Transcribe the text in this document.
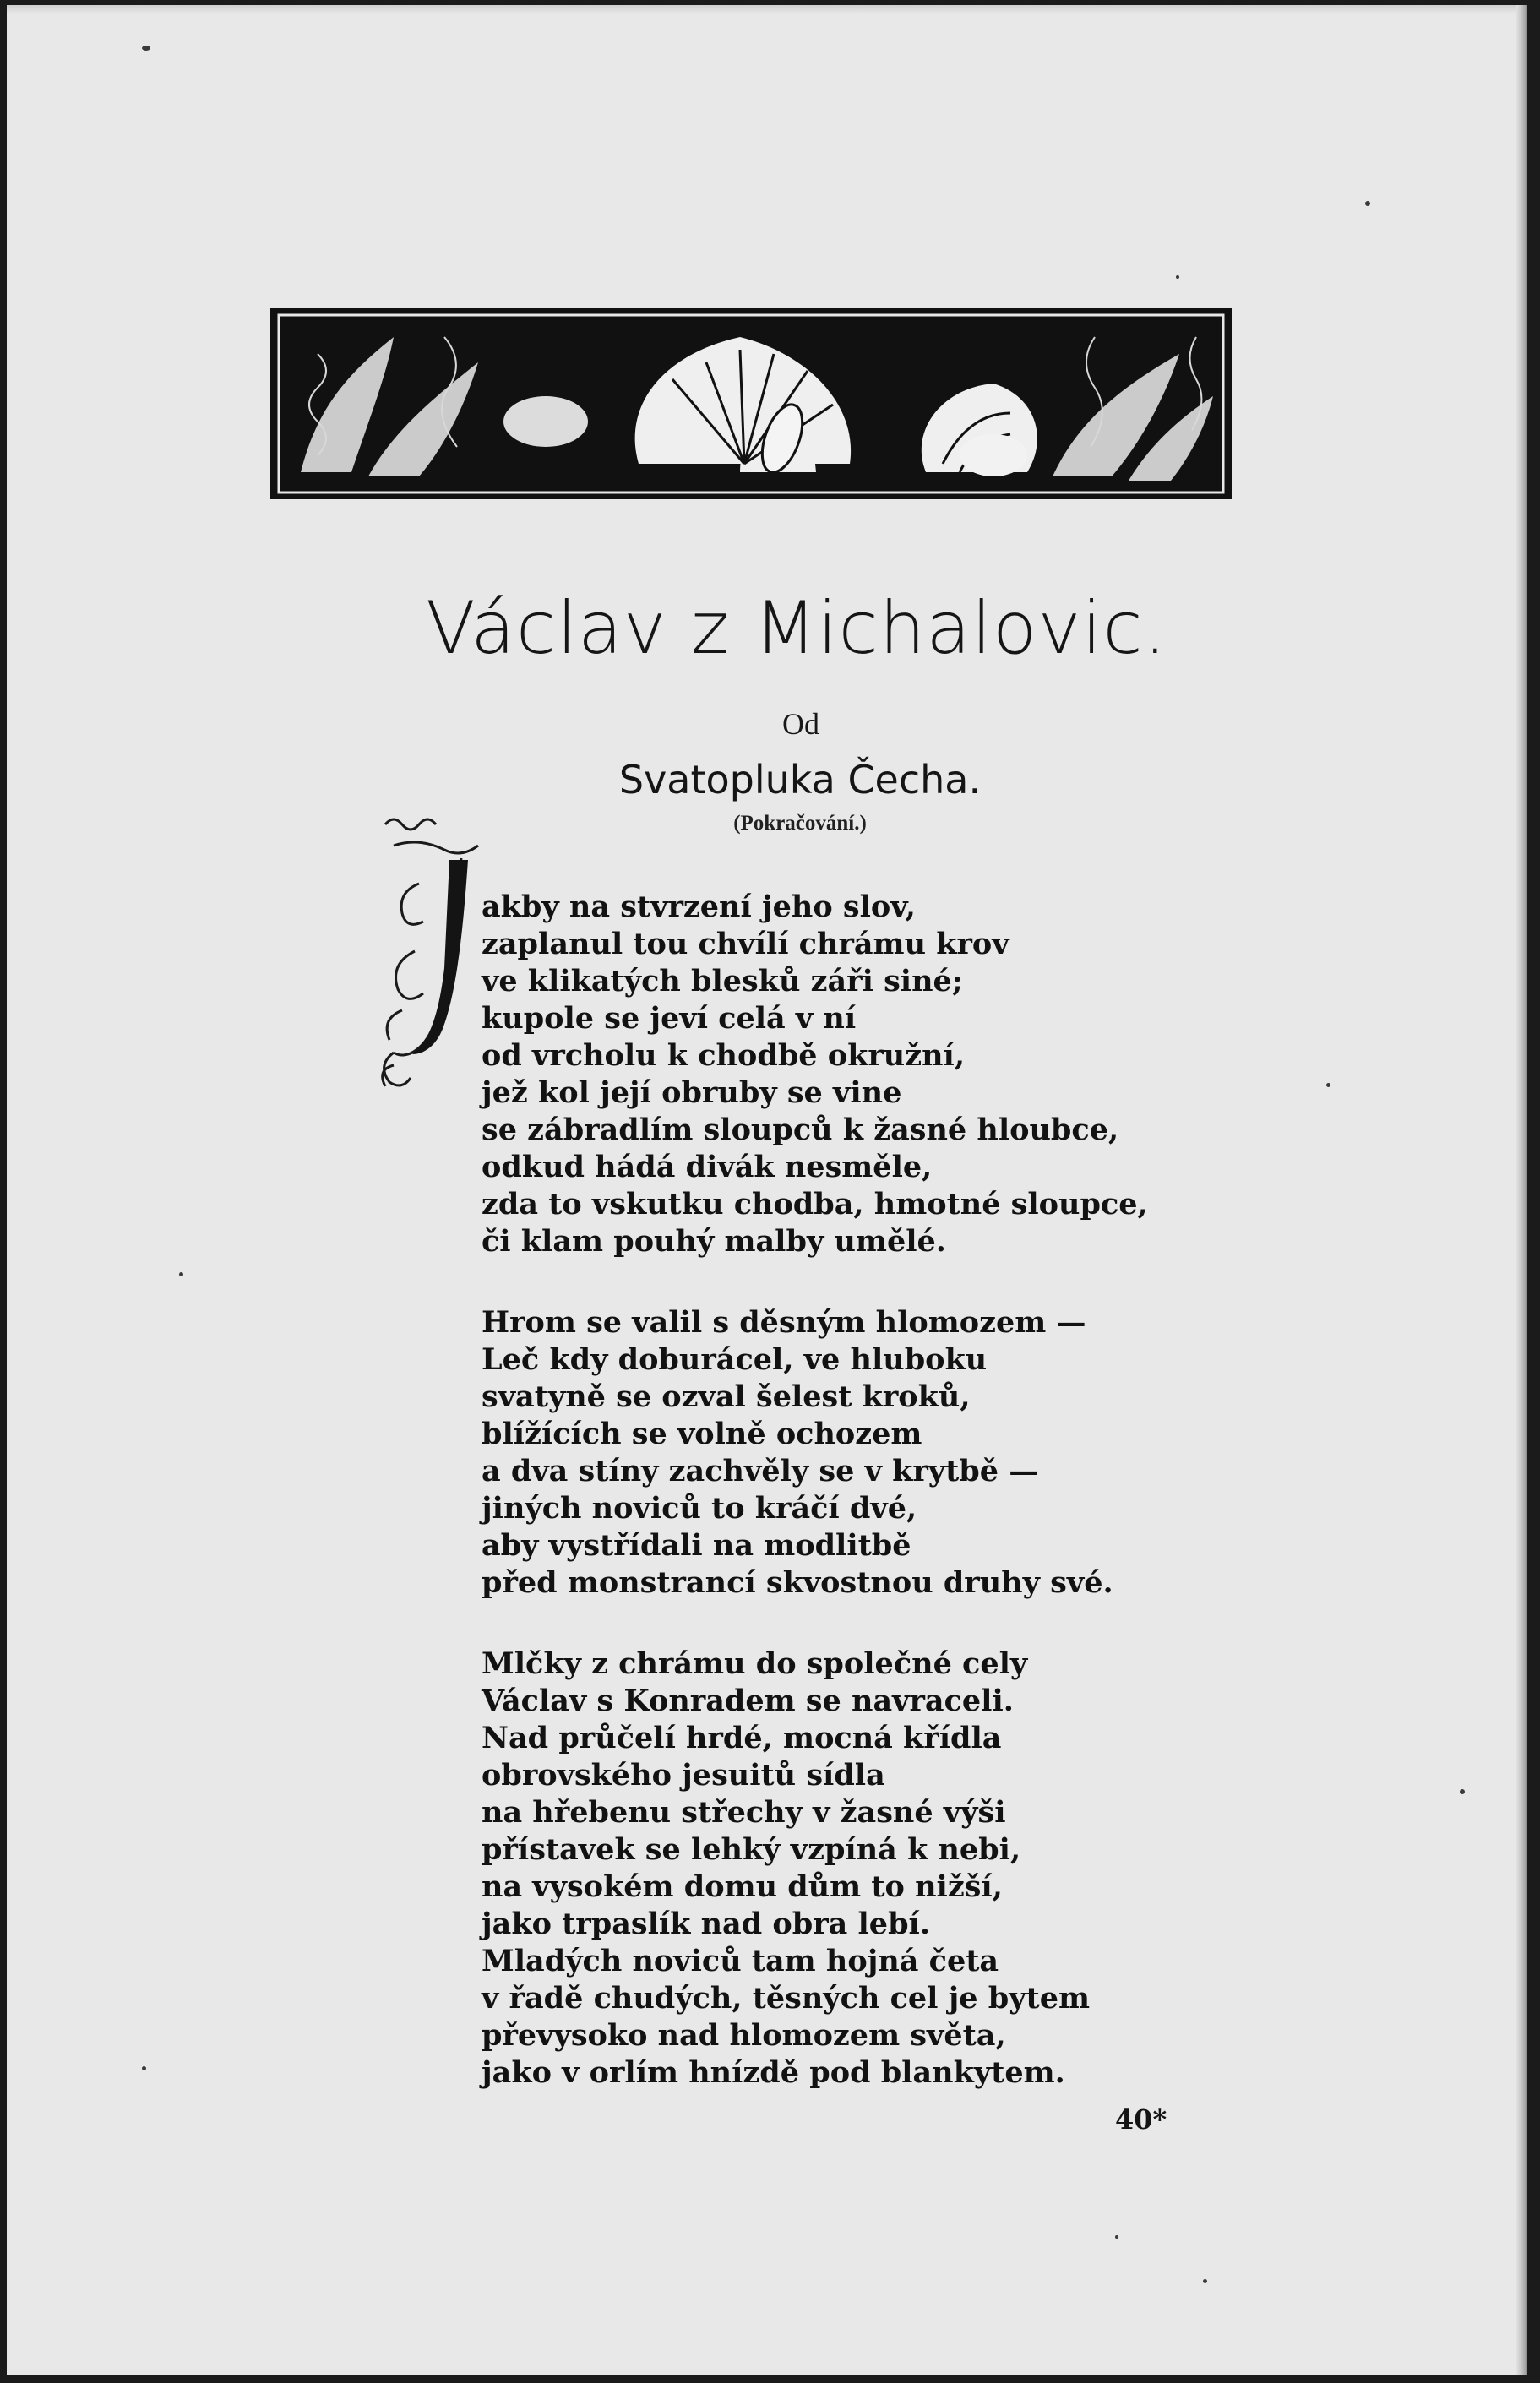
Václav z Michalovic.
Od
Svatopluka Čecha.
(Pokračování.)
akby na stvrzení jeho slov,
zaplanul tou chvílí chrámu krov
ve klikatých blesků záři siné;
kupole se jeví celá v ní
od vrcholu k chodbě okružní,
jež kol její obruby se vine
se zábradlím sloupců k žasné hloubce,
odkud hádá divák nesměle,
zda to vskutku chodba, hmotné sloupce,
či klam pouhý malby umělé.
Hrom se valil s děsným hlomozem —
Leč kdy doburácel, ve hluboku
svatyně se ozval šelest kroků,
blížících se volně ochozem
a dva stíny zachvěly se v krytbě —
jiných noviců to kráčí dvé,
aby vystřídali na modlitbě
před monstrancí skvostnou druhy své.
Mlčky z chrámu do společné cely
Václav s Konradem se navraceli.
Nad průčelí hrdé, mocná křídla
obrovského jesuitů sídla
na hřebenu střechy v žasné výši
přístavek se lehký vzpíná k nebi,
na vysokém domu dům to nižší,
jako trpaslík nad obra lebí.
Mladých noviců tam hojná četa
v řadě chudých, těsných cel je bytem
převysoko nad hlomozem světa,
jako v orlím hnízdě pod blankytem.
40*
